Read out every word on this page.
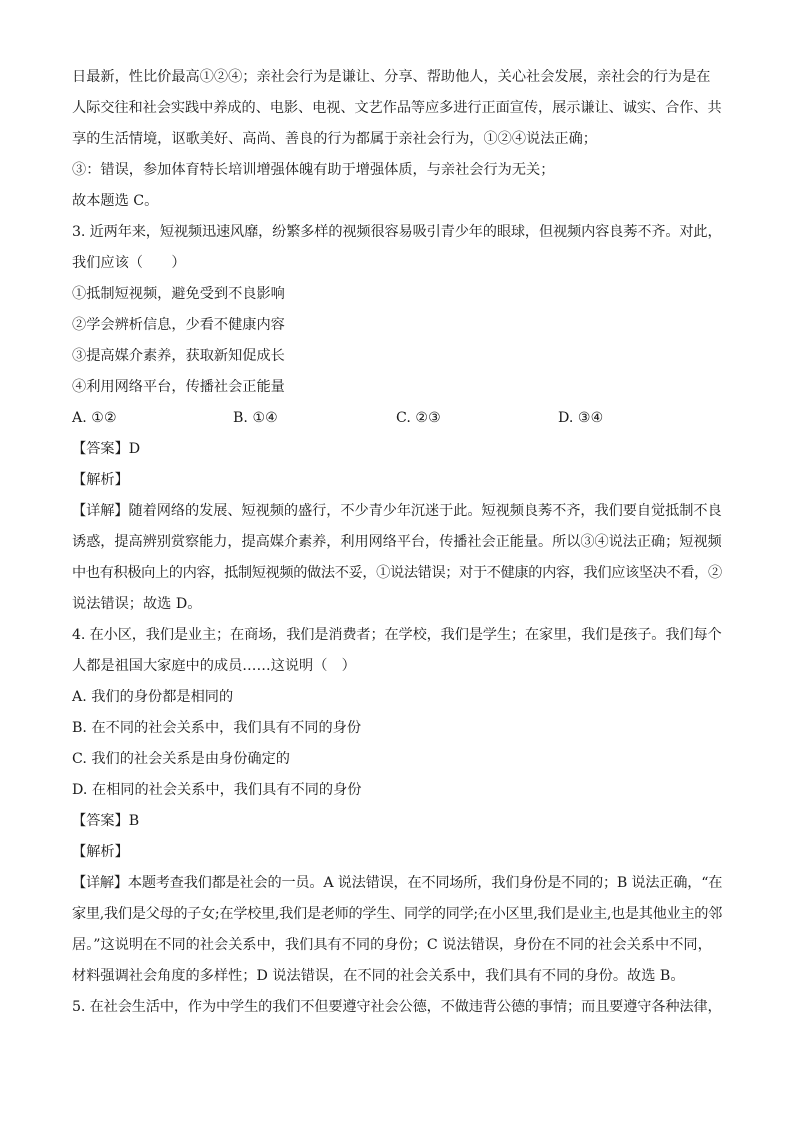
日最新，性比价最高①②④；亲社会行为是谦让、分享、帮助他人，关心社会发展，亲社会的行为是在
人际交往和社会实践中养成的、电影、电视、文艺作品等应多进行正面宣传，展示谦让、诚实、合作、共
享的生活情境，讴歌美好、高尚、善良的行为都属于亲社会行为，①②④说法正确；
③：错误，参加体育特长培训增强体魄有助于增强体质，与亲社会行为无关；
故本题选 C。
3. 近两年来，短视频迅速风靡，纷繁多样的视频很容易吸引青少年的眼球，但视频内容良莠不齐。对此，
我们应该（　　）
①抵制短视频，避免受到不良影响
②学会辨析信息，少看不健康内容
③提高媒介素养，获取新知促成长
④利用网络平台，传播社会正能量
A. ①②	B. ①④	C. ②③	D. ③④
【答案】D
【解析】
【详解】随着网络的发展、短视频的盛行，不少青少年沉迷于此。短视频良莠不齐，我们要自觉抵制不良
诱惑，提高辨别赏察能力，提高媒介素养，利用网络平台，传播社会正能量。所以③④说法正确；短视频
中也有积极向上的内容，抵制短视频的做法不妥，①说法错误；对于不健康的内容，我们应该坚决不看，②
说法错误；故选 D。
4. 在小区，我们是业主；在商场，我们是消费者；在学校，我们是学生；在家里，我们是孩子。我们每个
人都是祖国大家庭中的成员……这说明（　）
A. 我们的身份都是相同的
B. 在不同的社会关系中，我们具有不同的身份
C. 我们的社会关系是由身份确定的
D. 在相同的社会关系中，我们具有不同的身份
【答案】B
【解析】
【详解】本题考查我们都是社会的一员。A 说法错误，在不同场所，我们身份是不同的；B 说法正确，“在
家里,我们是父母的子女;在学校里,我们是老师的学生、同学的同学;在小区里,我们是业主,也是其他业主的邻
居。”这说明在不同的社会关系中，我们具有不同的身份；C 说法错误，身份在不同的社会关系中不同，
材料强调社会角度的多样性；D 说法错误，在不同的社会关系中，我们具有不同的身份。故选 B。
5. 在社会生活中，作为中学生的我们不但要遵守社会公德，不做违背公德的事情；而且要遵守各种法律，
